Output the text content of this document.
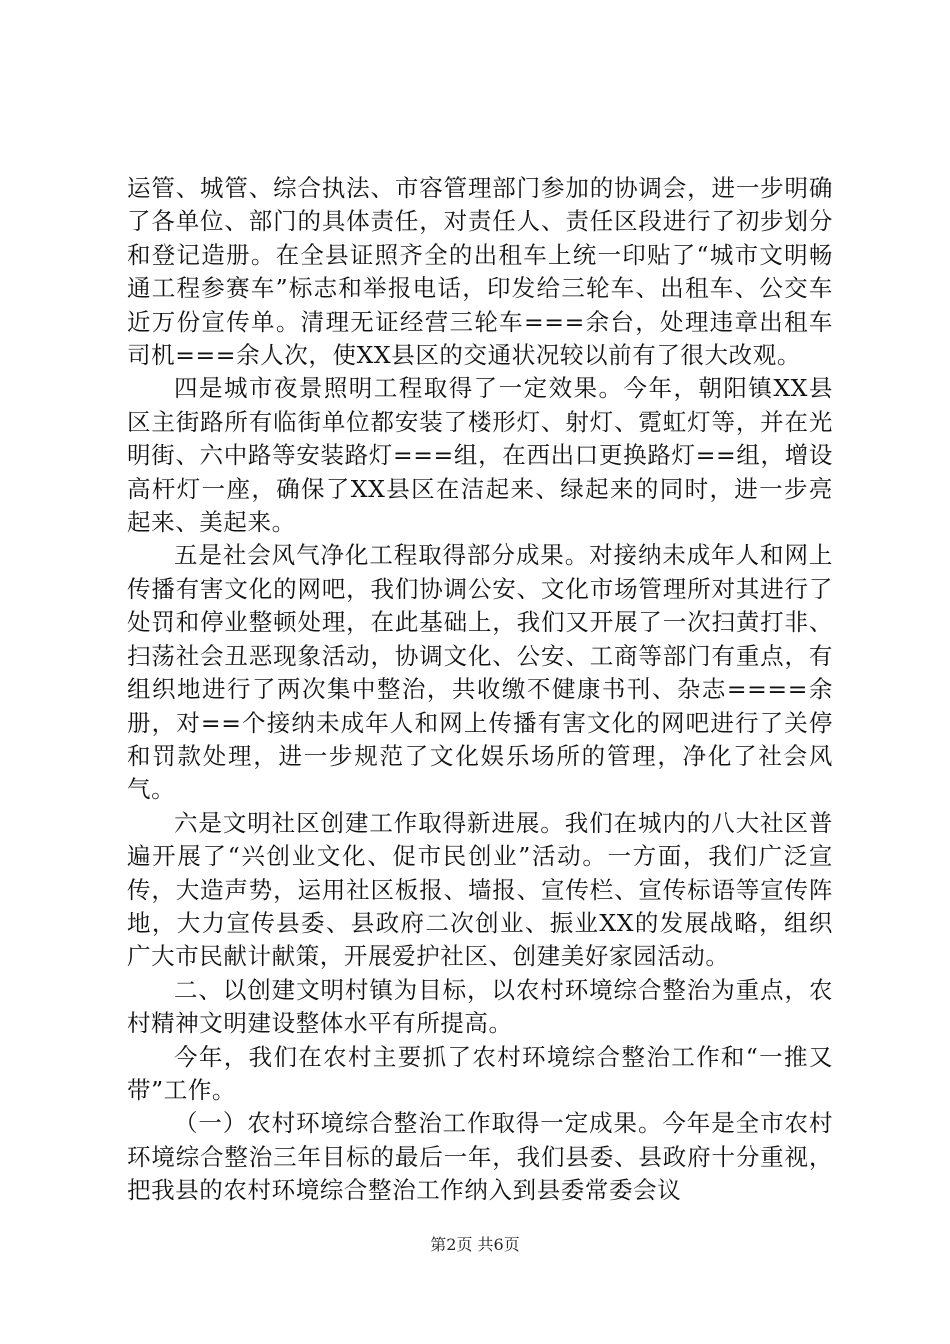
运管、城管、综合执法、市容管理部门参加的协调会，进一步明确了各单位、部门的具体责任，对责任人、责任区段进行了初步划分和登记造册。在全县证照齐全的出租车上统一印贴了“城市文明畅通工程参赛车”标志和举报电话，印发给三轮车、出租车、公交车近万份宣传单。清理无证经营三轮车===余台，处理违章出租车司机===余人次，使XX县区的交通状况较以前有了很大改观。

四是城市夜景照明工程取得了一定效果。今年，朝阳镇XX县区主街路所有临街单位都安装了楼形灯、射灯、霓虹灯等，并在光明街、六中路等安装路灯===组，在西出口更换路灯==组，增设高杆灯一座，确保了XX县区在洁起来、绿起来的同时，进一步亮起来、美起来。

五是社会风气净化工程取得部分成果。对接纳未成年人和网上传播有害文化的网吧，我们协调公安、文化市场管理所对其进行了处罚和停业整顿处理，在此基础上，我们又开展了一次扫黄打非、扫荡社会丑恶现象活动，协调文化、公安、工商等部门有重点，有组织地进行了两次集中整治，共收缴不健康书刊、杂志====余册，对==个接纳未成年人和网上传播有害文化的网吧进行了关停和罚款处理，进一步规范了文化娱乐场所的管理，净化了社会风气。

六是文明社区创建工作取得新进展。我们在城内的八大社区普遍开展了“兴创业文化、促市民创业”活动。一方面，我们广泛宣传，大造声势，运用社区板报、墙报、宣传栏、宣传标语等宣传阵地，大力宣传县委、县政府二次创业、振业XX的发展战略，组织广大市民献计献策，开展爱护社区、创建美好家园活动。

二、以创建文明村镇为目标，以农村环境综合整治为重点，农村精神文明建设整体水平有所提高。

今年，我们在农村主要抓了农村环境综合整治工作和“一推又带”工作。

（一）农村环境综合整治工作取得一定成果。今年是全市农村环境综合整治三年目标的最后一年，我们县委、县政府十分重视，把我县的农村环境综合整治工作纳入到县委常委会议

第2页 共6页
